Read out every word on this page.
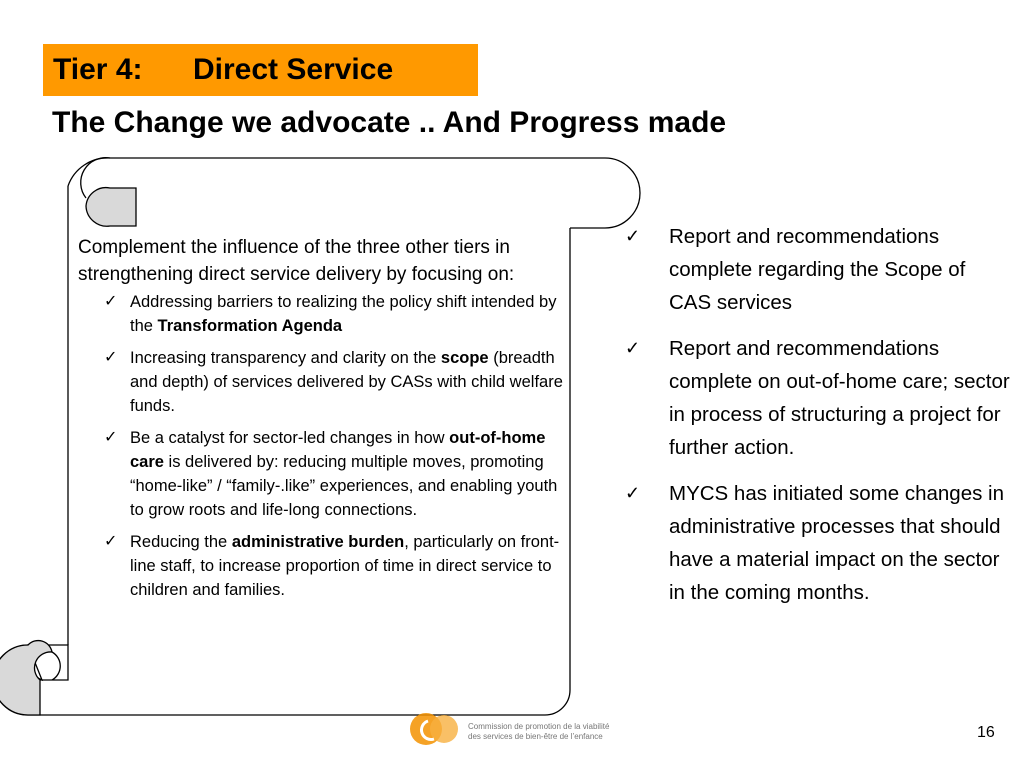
Tier 4:	Direct Service
The Change we advocate .. And Progress made

Complement the influence of the three other tiers in strengthening direct service delivery by focusing on:

✓ Addressing barriers to realizing the policy shift intended by the Transformation Agenda
✓ Increasing transparency and clarity on the scope (breadth and depth) of services delivered by CASs with child welfare funds.
✓ Be a catalyst for sector-led changes in how out-of-home care is delivered by: reducing multiple moves, promoting “home-like” / “family-.like” experiences, and enabling youth to grow roots and life-long connections.
✓ Reducing the administrative burden, particularly on front-line staff, to increase proportion of time in direct service to children and families.
✓ Report and recommendations complete regarding the Scope of CAS services
✓ Report and recommendations complete on out-of-home care; sector in process of structuring a project for further action.
✓ MYCS has initiated some changes in administrative processes that should have a material impact on the sector in the coming months.
Commission de promotion de la viabilité
des services de bien-être de l’enfance	16
